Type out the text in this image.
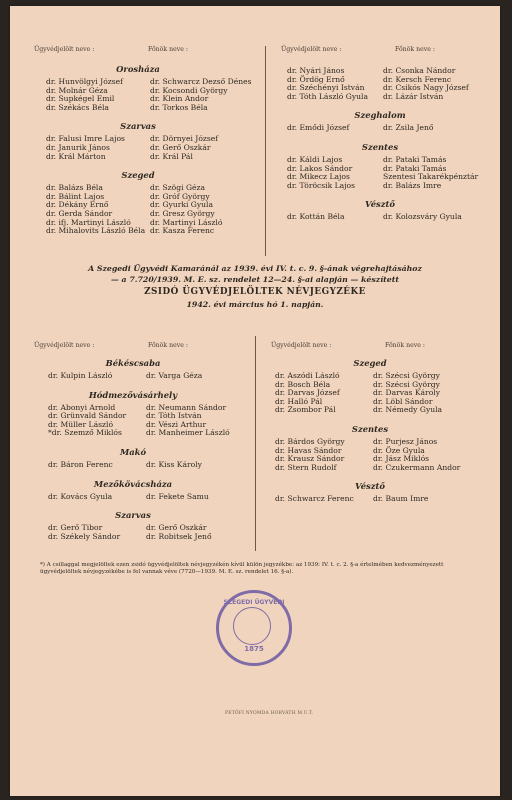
Ügyvédjelölt neve :	Főnök neve :	Ügyvédjelölt neve :	Főnök neve :
Orosháza
dr. Hunvölgyi József	dr. Schwarcz Dezső Dénes
dr. Molnár Géza	dr. Kocsondi György
dr. Supkégel Emil	dr. Klein Andor
dr. Székács Béla	dr. Torkos Béla
Szarvas
dr. Falusi Imre Lajos	dr. Dörnyei József
dr. Janurik János	dr. Gerő Oszkár
dr. Král Márton	dr. Král Pál
Szeged
dr. Balázs Béla	dr. Szögi Géza
dr. Bálint Lajos	dr. Gróf György
dr. Dékány Ernő	dr. Gyurki Gyula
dr. Gerda Sándor	dr. Gresz György
dr. ifj. Martinyi László	dr. Martinyi László
dr. Mihalovits László Béla dr. Kasza Ferenc
dr. Nyári János	dr. Csonka Nándor
dr. Ördög Ernő	dr. Kersch Ferenc
dr. Széchényi István dr. Csikós Nagy József
dr. Tóth László Gyula dr. Lázár István
Szeghalom
dr. Emődi József	dr. Zsila Jenő
Szentes
dr. Káldi Lajos	dr. Pataki Tamás
dr. Lakos Sándor	dr. Pataki Tamás
dr. Mikecz Lajos	Szentesi Takarékpénztár
dr. Töröcsik Lajos	dr. Balázs Imre
Vésztő
dr. Kottán Béla	dr. Kolozsváry Gyula
Ügyvédjelölt neve :	Főnök neve :	Ügyvédjelölt neve :	Főnök neve :
Békéscsaba
dr. Kulpin László	dr. Varga Géza
Hódmezővásárhely
dr. Abonyi Arnold	dr. Neumann Sándor
dr. Grünvald Sándor	dr. Tóth István
dr. Müller László	dr. Vészi Arthur
*dr. Szemző Miklós	dr. Manheimer László
Makó
dr. Báron Ferenc	dr. Kiss Károly
Mezőkövácsháza
dr. Kovács Gyula	dr. Fekete Samu
Szarvas
dr. Gerő Tibor	dr. Gerő Oszkár
dr. Székely Sándor	dr. Robitsek Jenő
Szeged
dr. Aszódi László	dr. Szécsi György
dr. Bosch Béla	dr. Szécsi György
dr. Darvas József	dr. Darvas Károly
dr. Halló Pál	dr. Löbl Sándor
dr. Zsombor Pál	dr. Némedy Gyula
Szentes
dr. Bárdos György	dr. Purjesz János
dr. Havas Sándor	dr. Öze Gyula
dr. Krausz Sándor	dr. Jász Miklós
dr. Stern Rudolf	dr. Czukermann Andor
Vésztő
dr. Schwarcz Ferenc	dr. Baum Imre
A Szegedi Ügyvédi Kamaránál az 1939. évi IV. t. c. 9. §-ának végrehajtásához
— a 7.720/1939. M. E. sz. rendelet 12—24. §-ai alapján — készített
ZSIDÓ ÜGYVÉDJELÖLTEK NÉVJEGYZÉKE
1942. évi március hó 1. napján.
*) A csillaggal megjelöltek ezen zsidó ügyvédjelöltek névjegyzékén kívül külön jegyzékbe: az 1939: IV. t. c. 2. §-a értelmében kedvezményezett ügyvédjelöltek névjegyzékébe is fel vannak véve (7720—1939. M. E. sz. rendelet 16. §-a).
SZEGEDI ÜGYVÉDI
1875
PETŐFI NYOMDA HORVÁTH M.U.T.
